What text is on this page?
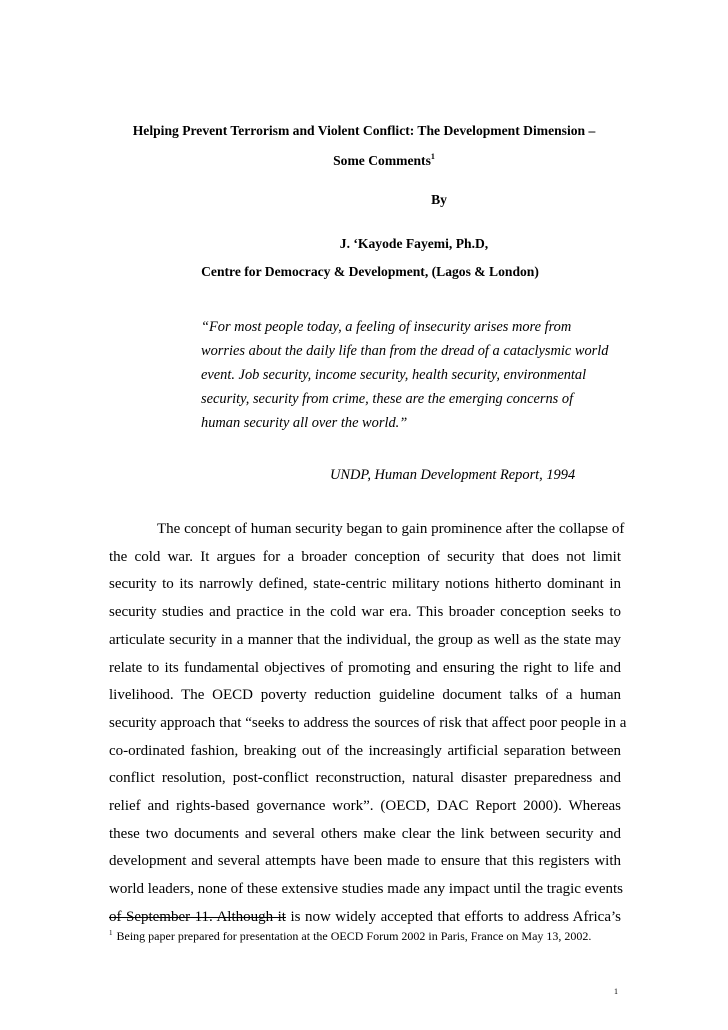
Helping Prevent Terrorism and Violent Conflict: The Development Dimension –
Some Comments$^1$
By
J. ‘Kayode Fayemi, Ph.D,
Centre for Democracy & Development, (Lagos & London)
“For most people today, a feeling of insecurity arises more from
worries about the daily life than from the dread of a cataclysmic world
event. Job security, income security, health security, environmental
security, security from crime, these are the emerging concerns of
human security all over the world.”
UNDP, Human Development Report, 1994
The concept of human security began to gain prominence after the collapse of
the cold war. It argues for a broader conception of security that does not limit
security to its narrowly defined, state-centric military notions hitherto dominant in
security studies and practice in the cold war era. This broader conception seeks to
articulate security in a manner that the individual, the group as well as the state may
relate to its fundamental objectives of promoting and ensuring the right to life and
livelihood. The OECD poverty reduction guideline document talks of a human
security approach that “seeks to address the sources of risk that affect poor people in a
co-ordinated fashion, breaking out of the increasingly artificial separation between
conflict resolution, post-conflict reconstruction, natural disaster preparedness and
relief and rights-based governance work”. (OECD, DAC Report 2000). Whereas
these two documents and several others make clear the link between security and
development and several attempts have been made to ensure that this registers with
world leaders, none of these extensive studies made any impact until the tragic events
of September 11. Although it is now widely accepted that efforts to address Africa’s
$^1$ Being paper prepared for presentation at the OECD Forum 2002 in Paris, France on May 13, 2002.
1
